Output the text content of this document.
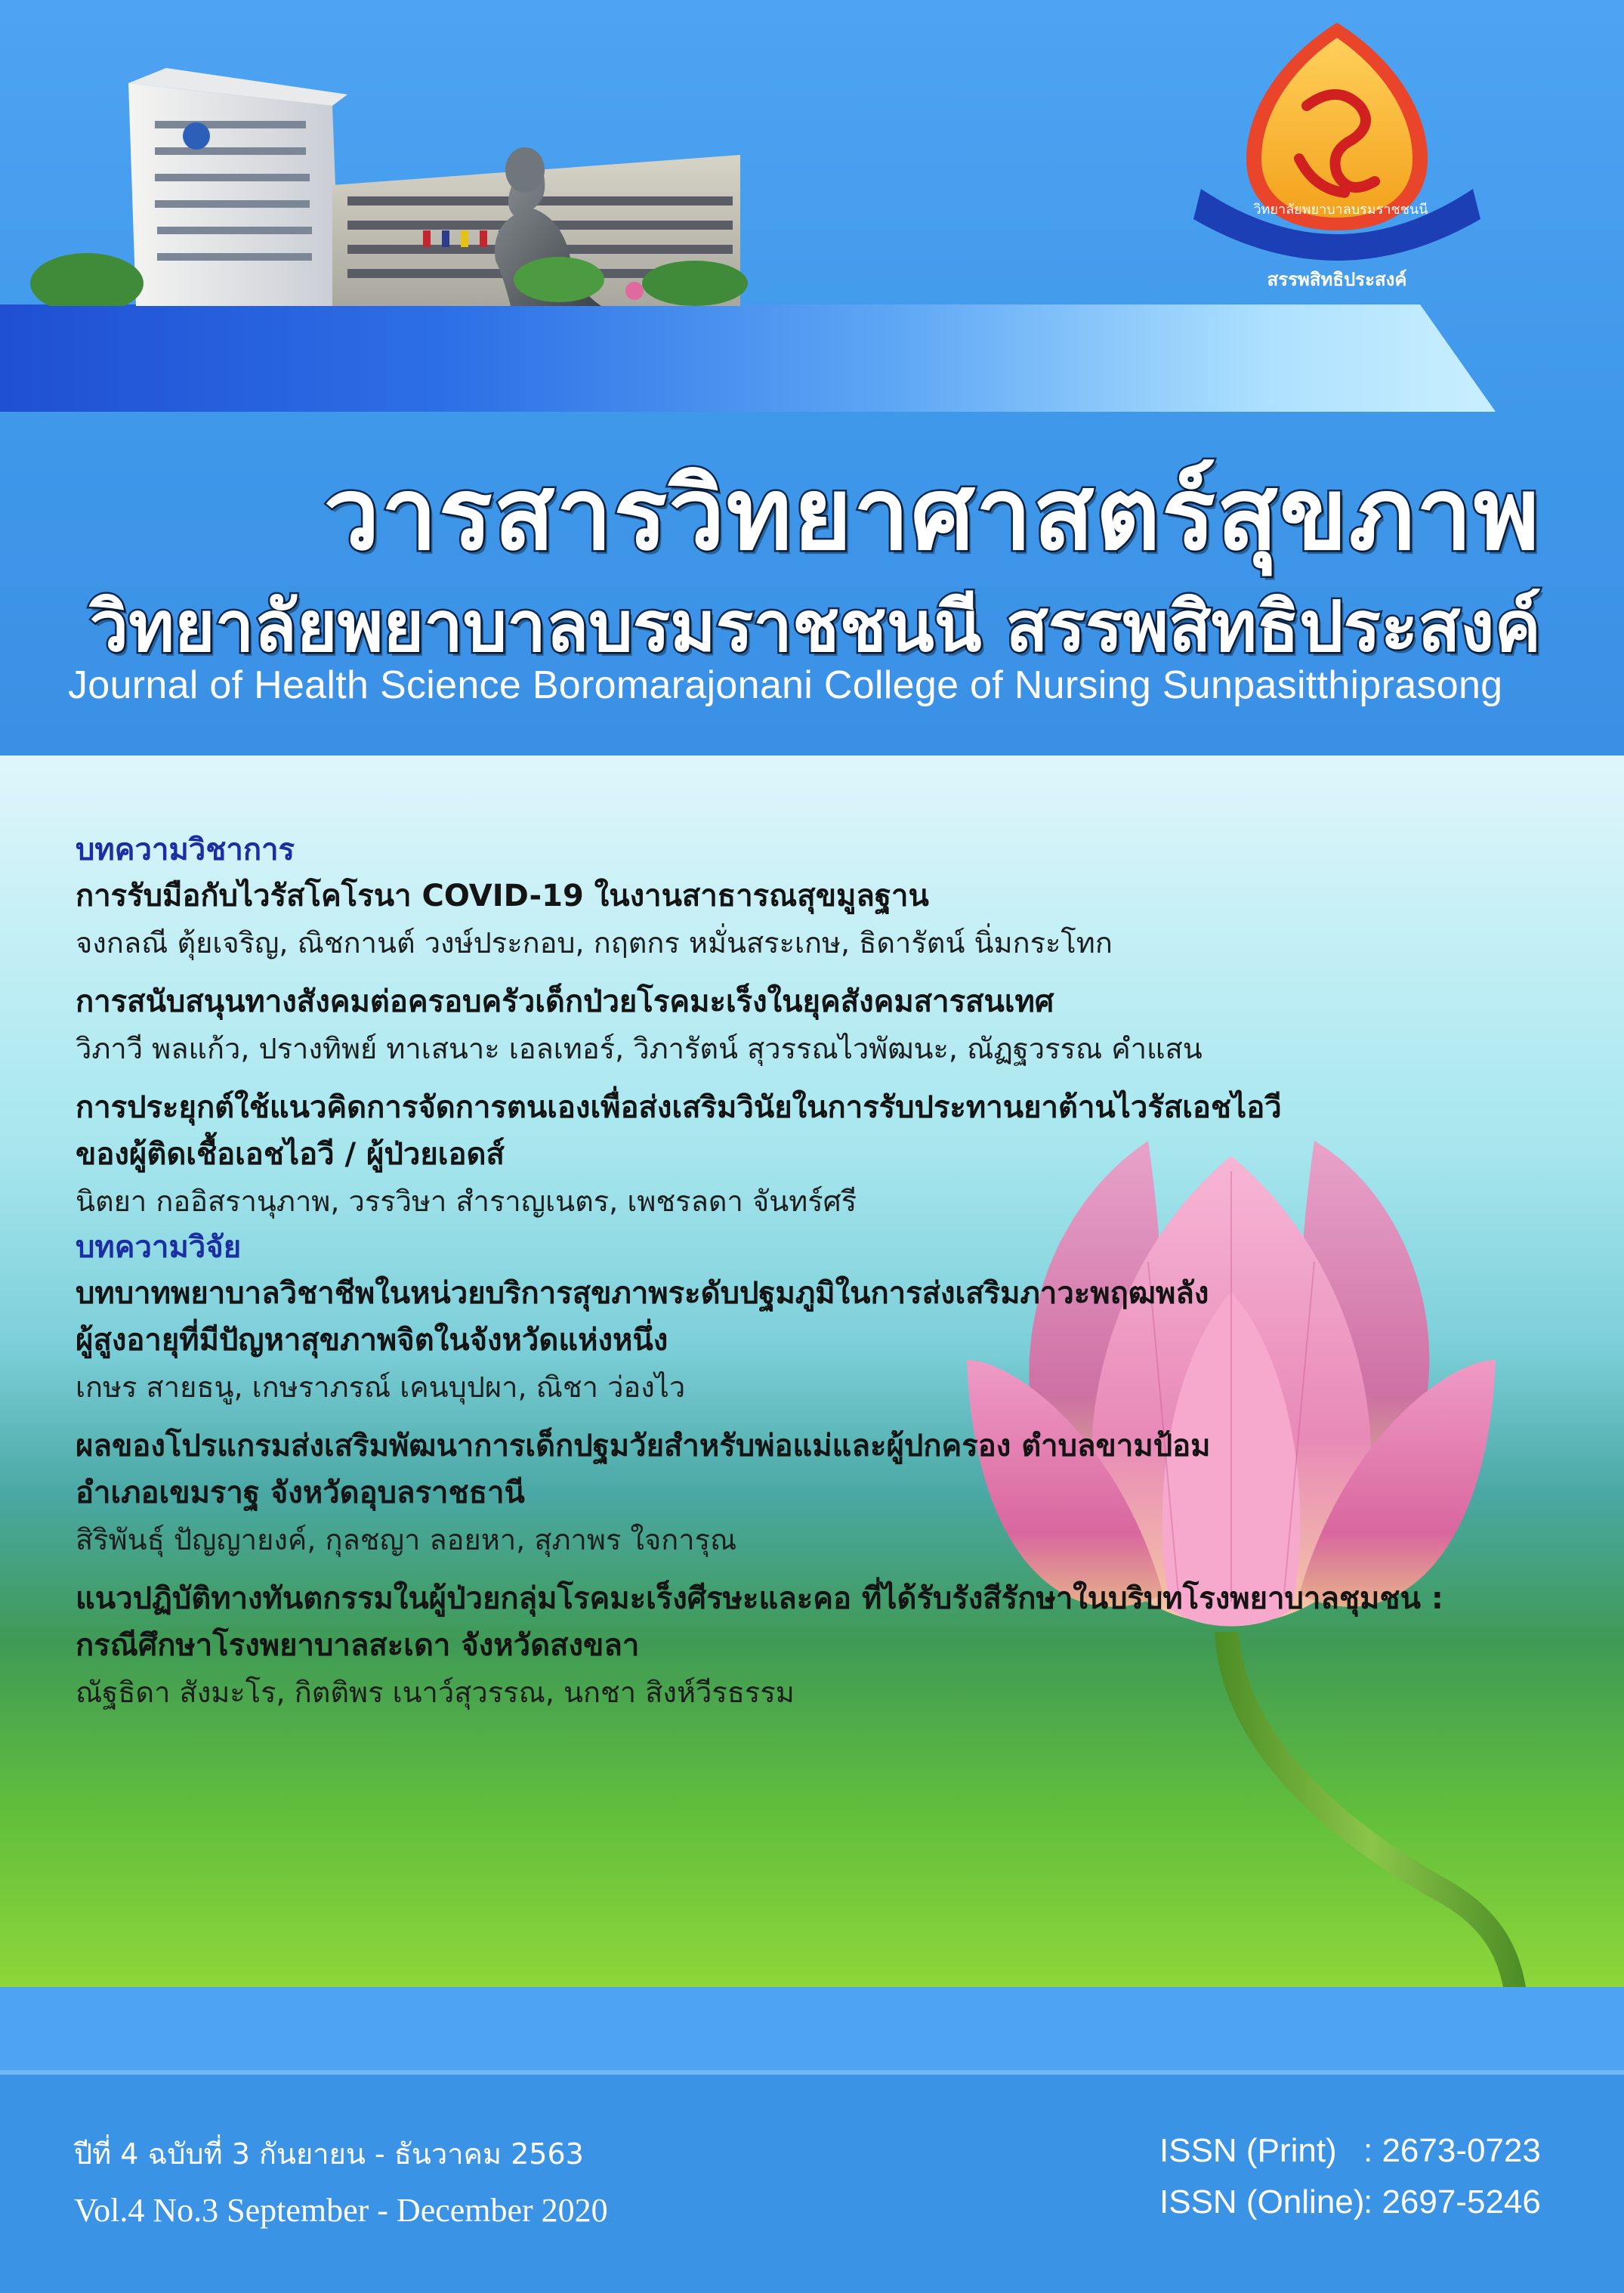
วิทยาลัยพยาบาลบรมราชชนนี
สรรพสิทธิประสงค์
วารสารวิทยาศาสตร์สุขภาพ
วิทยาลัยพยาบาลบรมราชชนนี สรรพสิทธิประสงค์
Journal of Health Science Boromarajonani College of Nursing Sunpasitthiprasong
บทความวิชาการ
การรับมือกับไวรัสโคโรนา COVID-19 ในงานสาธารณสุขมูลฐาน
จงกลณี ตุ้ยเจริญ, ณิชกานต์ วงษ์ประกอบ, กฤตกร หมั่นสระเกษ, ธิดารัตน์ นิ่มกระโทก
การสนับสนุนทางสังคมต่อครอบครัวเด็กป่วยโรคมะเร็งในยุคสังคมสารสนเทศ
วิภาวี พลแก้ว, ปรางทิพย์ ทาเสนาะ เอลเทอร์, วิภารัตน์ สุวรรณไวพัฒนะ, ณัฏฐวรรณ คำแสน
การประยุกต์ใช้แนวคิดการจัดการตนเองเพื่อส่งเสริมวินัยในการรับประทานยาต้านไวรัสเอชไอวี
ของผู้ติดเชื้อเอชไอวี / ผู้ป่วยเอดส์
นิตยา กออิสรานุภาพ, วรรวิษา สำราญเนตร, เพชรลดา จันทร์ศรี
บทความวิจัย
บทบาทพยาบาลวิชาชีพในหน่วยบริการสุขภาพระดับปฐมภูมิในการส่งเสริมภาวะพฤฒพลัง
ผู้สูงอายุที่มีปัญหาสุขภาพจิตในจังหวัดแห่งหนึ่ง
เกษร สายธนู, เกษราภรณ์ เคนบุปผา, ณิชา ว่องไว
ผลของโปรแกรมส่งเสริมพัฒนาการเด็กปฐมวัยสำหรับพ่อแม่และผู้ปกครอง ตำบลขามป้อม
อำเภอเขมราฐ จังหวัดอุบลราชธานี
สิริพันธุ์ ปัญญายงค์, กุลชญา ลอยหา, สุภาพร ใจการุณ
แนวปฏิบัติทางทันตกรรมในผู้ป่วยกลุ่มโรคมะเร็งศีรษะและคอ ที่ได้รับรังสีรักษาในบริบทโรงพยาบาลชุมชน :
กรณีศึกษาโรงพยาบาลสะเดา จังหวัดสงขลา
ณัฐธิดา สังมะโร, กิตติพร เนาว์สุวรรณ, นกชา สิงห์วีรธรรม
ปีที่ 4 ฉบับที่ 3 กันยายน - ธันวาคม 2563
Vol.4 No.3 September - December 2020
ISSN (Print) : 2673-0723
ISSN (Online): 2697-5246
